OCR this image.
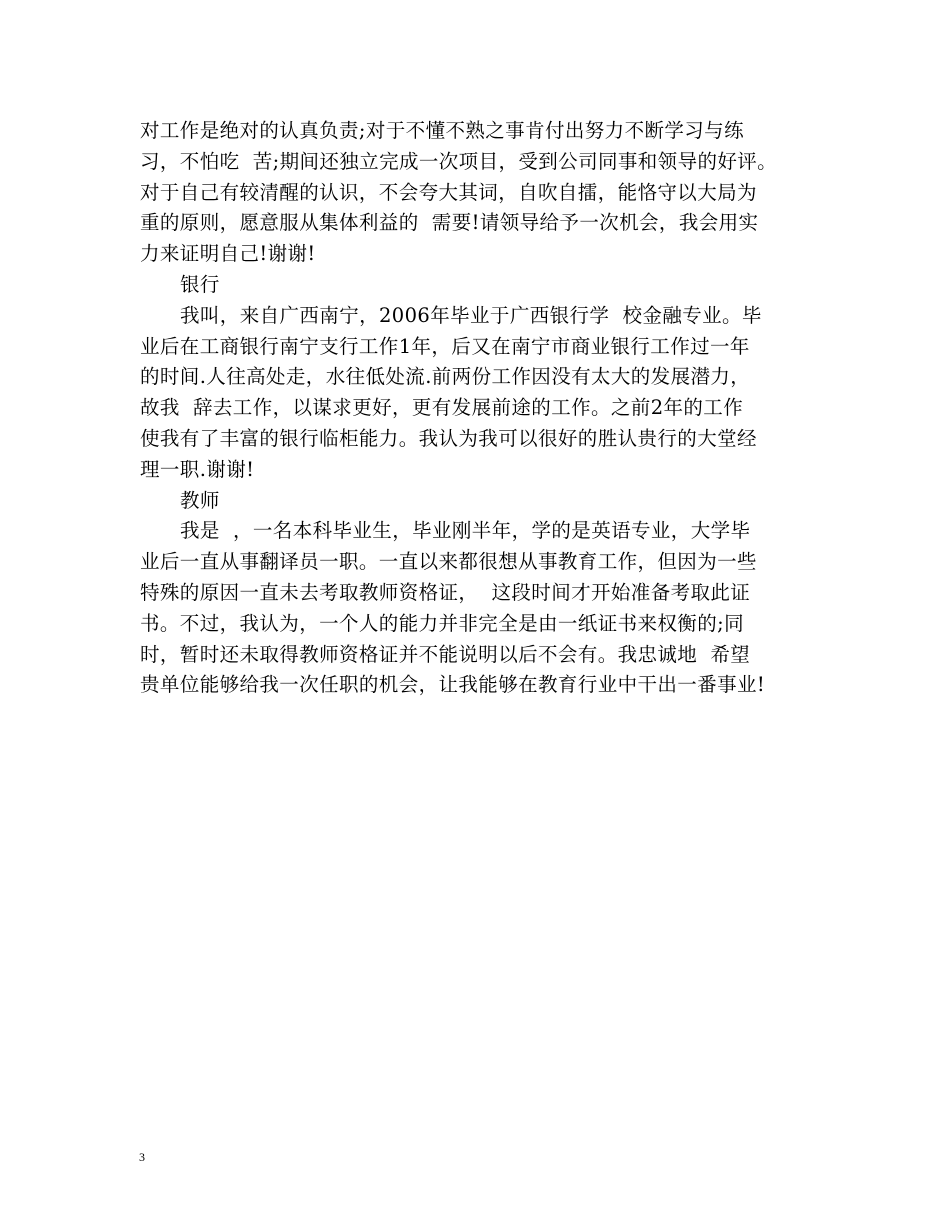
对工作是绝对的认真负责;对于不懂不熟之事肯付出努力不断学习与练
习，不怕吃  苦;期间还独立完成一次项目，受到公司同事和领导的好评。
对于自己有较清醒的认识，不会夸大其词，自吹自擂，能恪守以大局为
重的原则，愿意服从集体利益的  需要!请领导给予一次机会，我会用实
力来证明自己!谢谢!
银行
我叫，来自广西南宁，2006年毕业于广西银行学  校金融专业。毕
业后在工商银行南宁支行工作1年，后又在南宁市商业银行工作过一年
的时间.人往高处走，水往低处流.前两份工作因没有太大的发展潜力，
故我  辞去工作，以谋求更好，更有发展前途的工作。之前2年的工作
使我有了丰富的银行临柜能力。我认为我可以很好的胜认贵行的大堂经
理一职.谢谢!
教师
我是  ，一名本科毕业生，毕业刚半年，学的是英语专业，大学毕
业后一直从事翻译员一职。一直以来都很想从事教育工作，但因为一些
特殊的原因一直未去考取教师资格证，  这段时间才开始准备考取此证
书。不过，我认为，一个人的能力并非完全是由一纸证书来权衡的;同
时，暂时还未取得教师资格证并不能说明以后不会有。我忠诚地  希望
贵单位能够给我一次任职的机会，让我能够在教育行业中干出一番事业!
3
